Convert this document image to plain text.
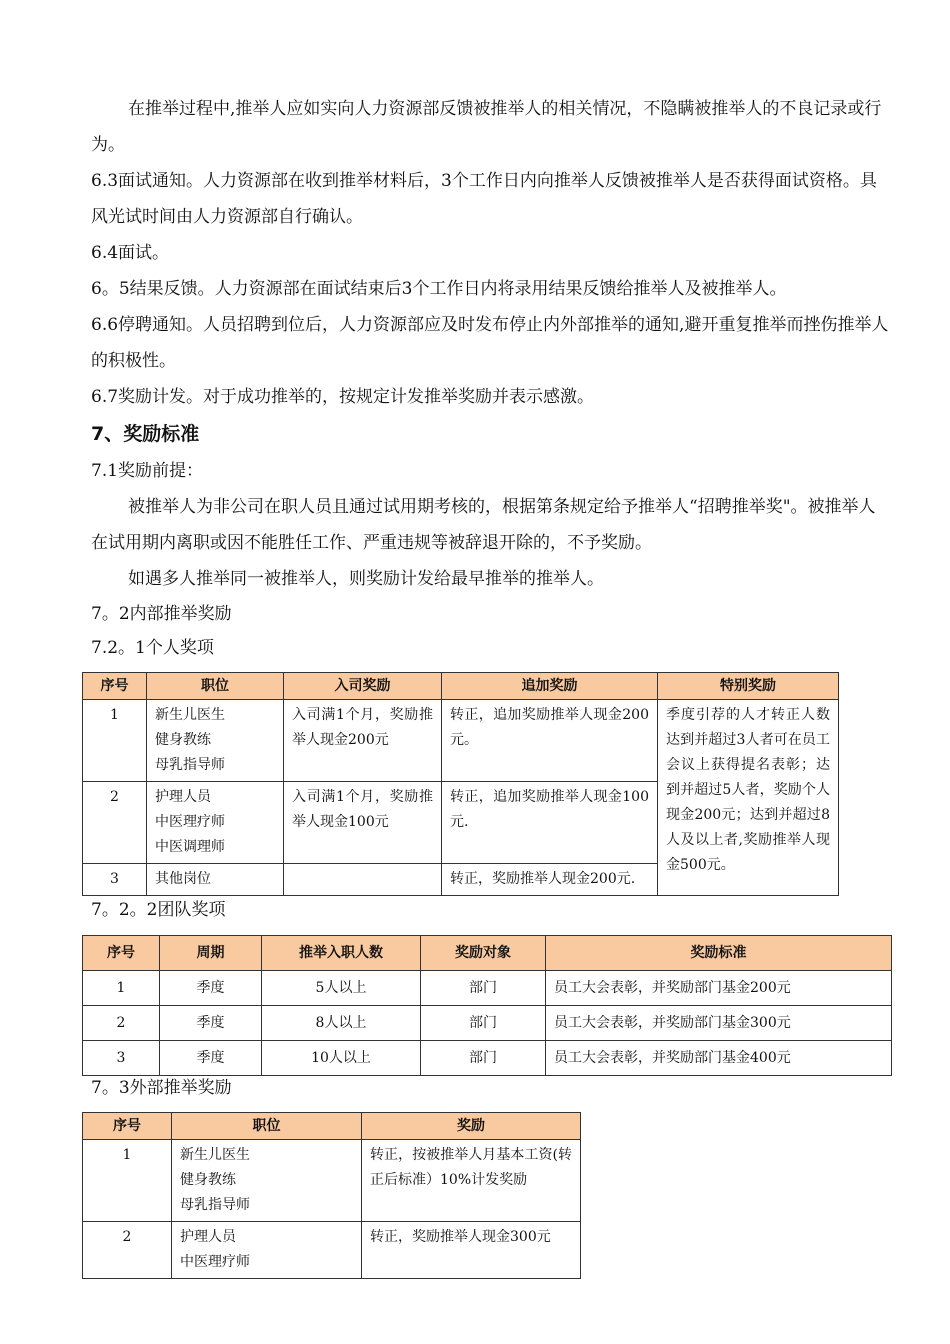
在推举过程中,推举人应如实向人力资源部反馈被推举人的相关情况，不隐瞒被推举人的不良记录或行为。
6.3面试通知。人力资源部在收到推举材料后，3个工作日内向推举人反馈被推举人是否获得面试资格。具风光试时间由人力资源部自行确认。
6.4面试。
6。5结果反馈。人力资源部在面试结束后3个工作日内将录用结果反馈给推举人及被推举人。
6.6停聘通知。人员招聘到位后，人力资源部应及时发布停止内外部推举的通知,避开重复推举而挫伤推举人的积极性。
6.7奖励计发。对于成功推举的，按规定计发推举奖励并表示感激。
7、奖励标准
7.1奖励前提：
被推举人为非公司在职人员且通过试用期考核的，根据第条规定给予推举人“招聘推举奖"。被推举人在试用期内离职或因不能胜任工作、严重违规等被辞退开除的，不予奖励。
如遇多人推举同一被推举人，则奖励计发给最早推举的推举人。
7。2内部推举奖励
7.2。1个人奖项
序号	职位	入司奖励	追加奖励	特别奖励
1	新生儿医生
健身教练
母乳指导师	入司满1个月，奖励推举人现金200元	转正，追加奖励推举人现金200元。	季度引荐的人才转正人数达到并超过3人者可在员工会议上获得提名表彰；达到并超过5人者，奖励个人现金200元；达到并超过8人及以上者,奖励推举人现金500元。
2	护理人员
中医理疗师
中医调理师	入司满1个月，奖励推举人现金100元	转正，追加奖励推举人现金100元.	
3	其他岗位		转正，奖励推举人现金200元.	
7。2。2团队奖项
序号	周期	推举入职人数	奖励对象	奖励标准
1	季度	5人以上	部门	员工大会表彰，并奖励部门基金200元
2	季度	8人以上	部门	员工大会表彰，并奖励部门基金300元
3	季度	10人以上	部门	员工大会表彰，并奖励部门基金400元
7。3外部推举奖励
序号	职位	奖励
1	新生儿医生
健身教练
母乳指导师	转正，按被推举人月基本工资(转正后标准）10%计发奖励
2	护理人员
中医理疗师	转正，奖励推举人现金300元
